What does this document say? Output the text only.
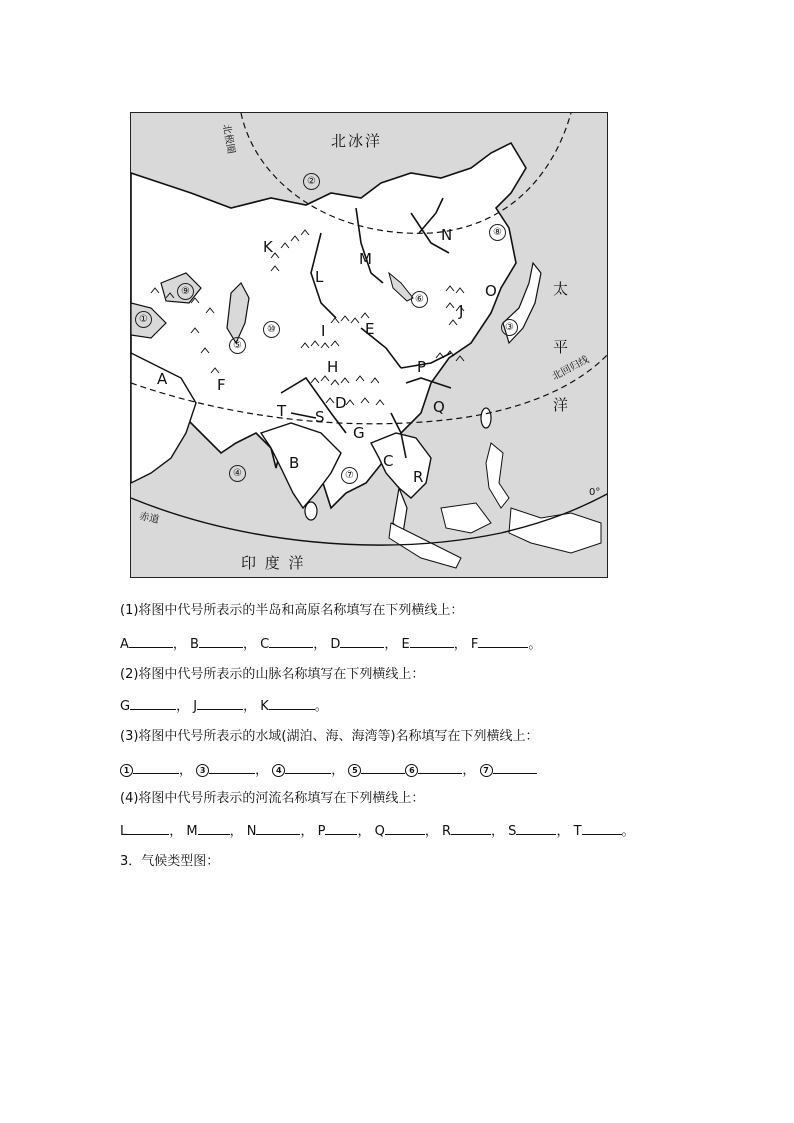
北冰洋
印 度 洋
太
平
洋
北极圈
北回归线
赤道
0°
A
B	C
D
E
F
G
H
I
J
K
L
M
N
O
P
Q
R
S
T
①
②
③
④
⑤
⑥
⑦
⑧
⑨
⑩
(1)将图中代号所表示的半岛和高原名称填写在下列横线上：
A	， B	， C	， D	， E	， F	。
(2)将图中代号所表示的山脉名称填写在下列横线上：
G	， J	， K	。
(3)将图中代号所表示的水域(湖泊、海、海湾等)名称填写在下列横线上：
1	， 3	， 4	， 5	6	， 7
(4)将图中代号所表示的河流名称填写在下列横线上：
L	， M ， N	， P ， Q	， R	， S	， T	。
3．气候类型图：
